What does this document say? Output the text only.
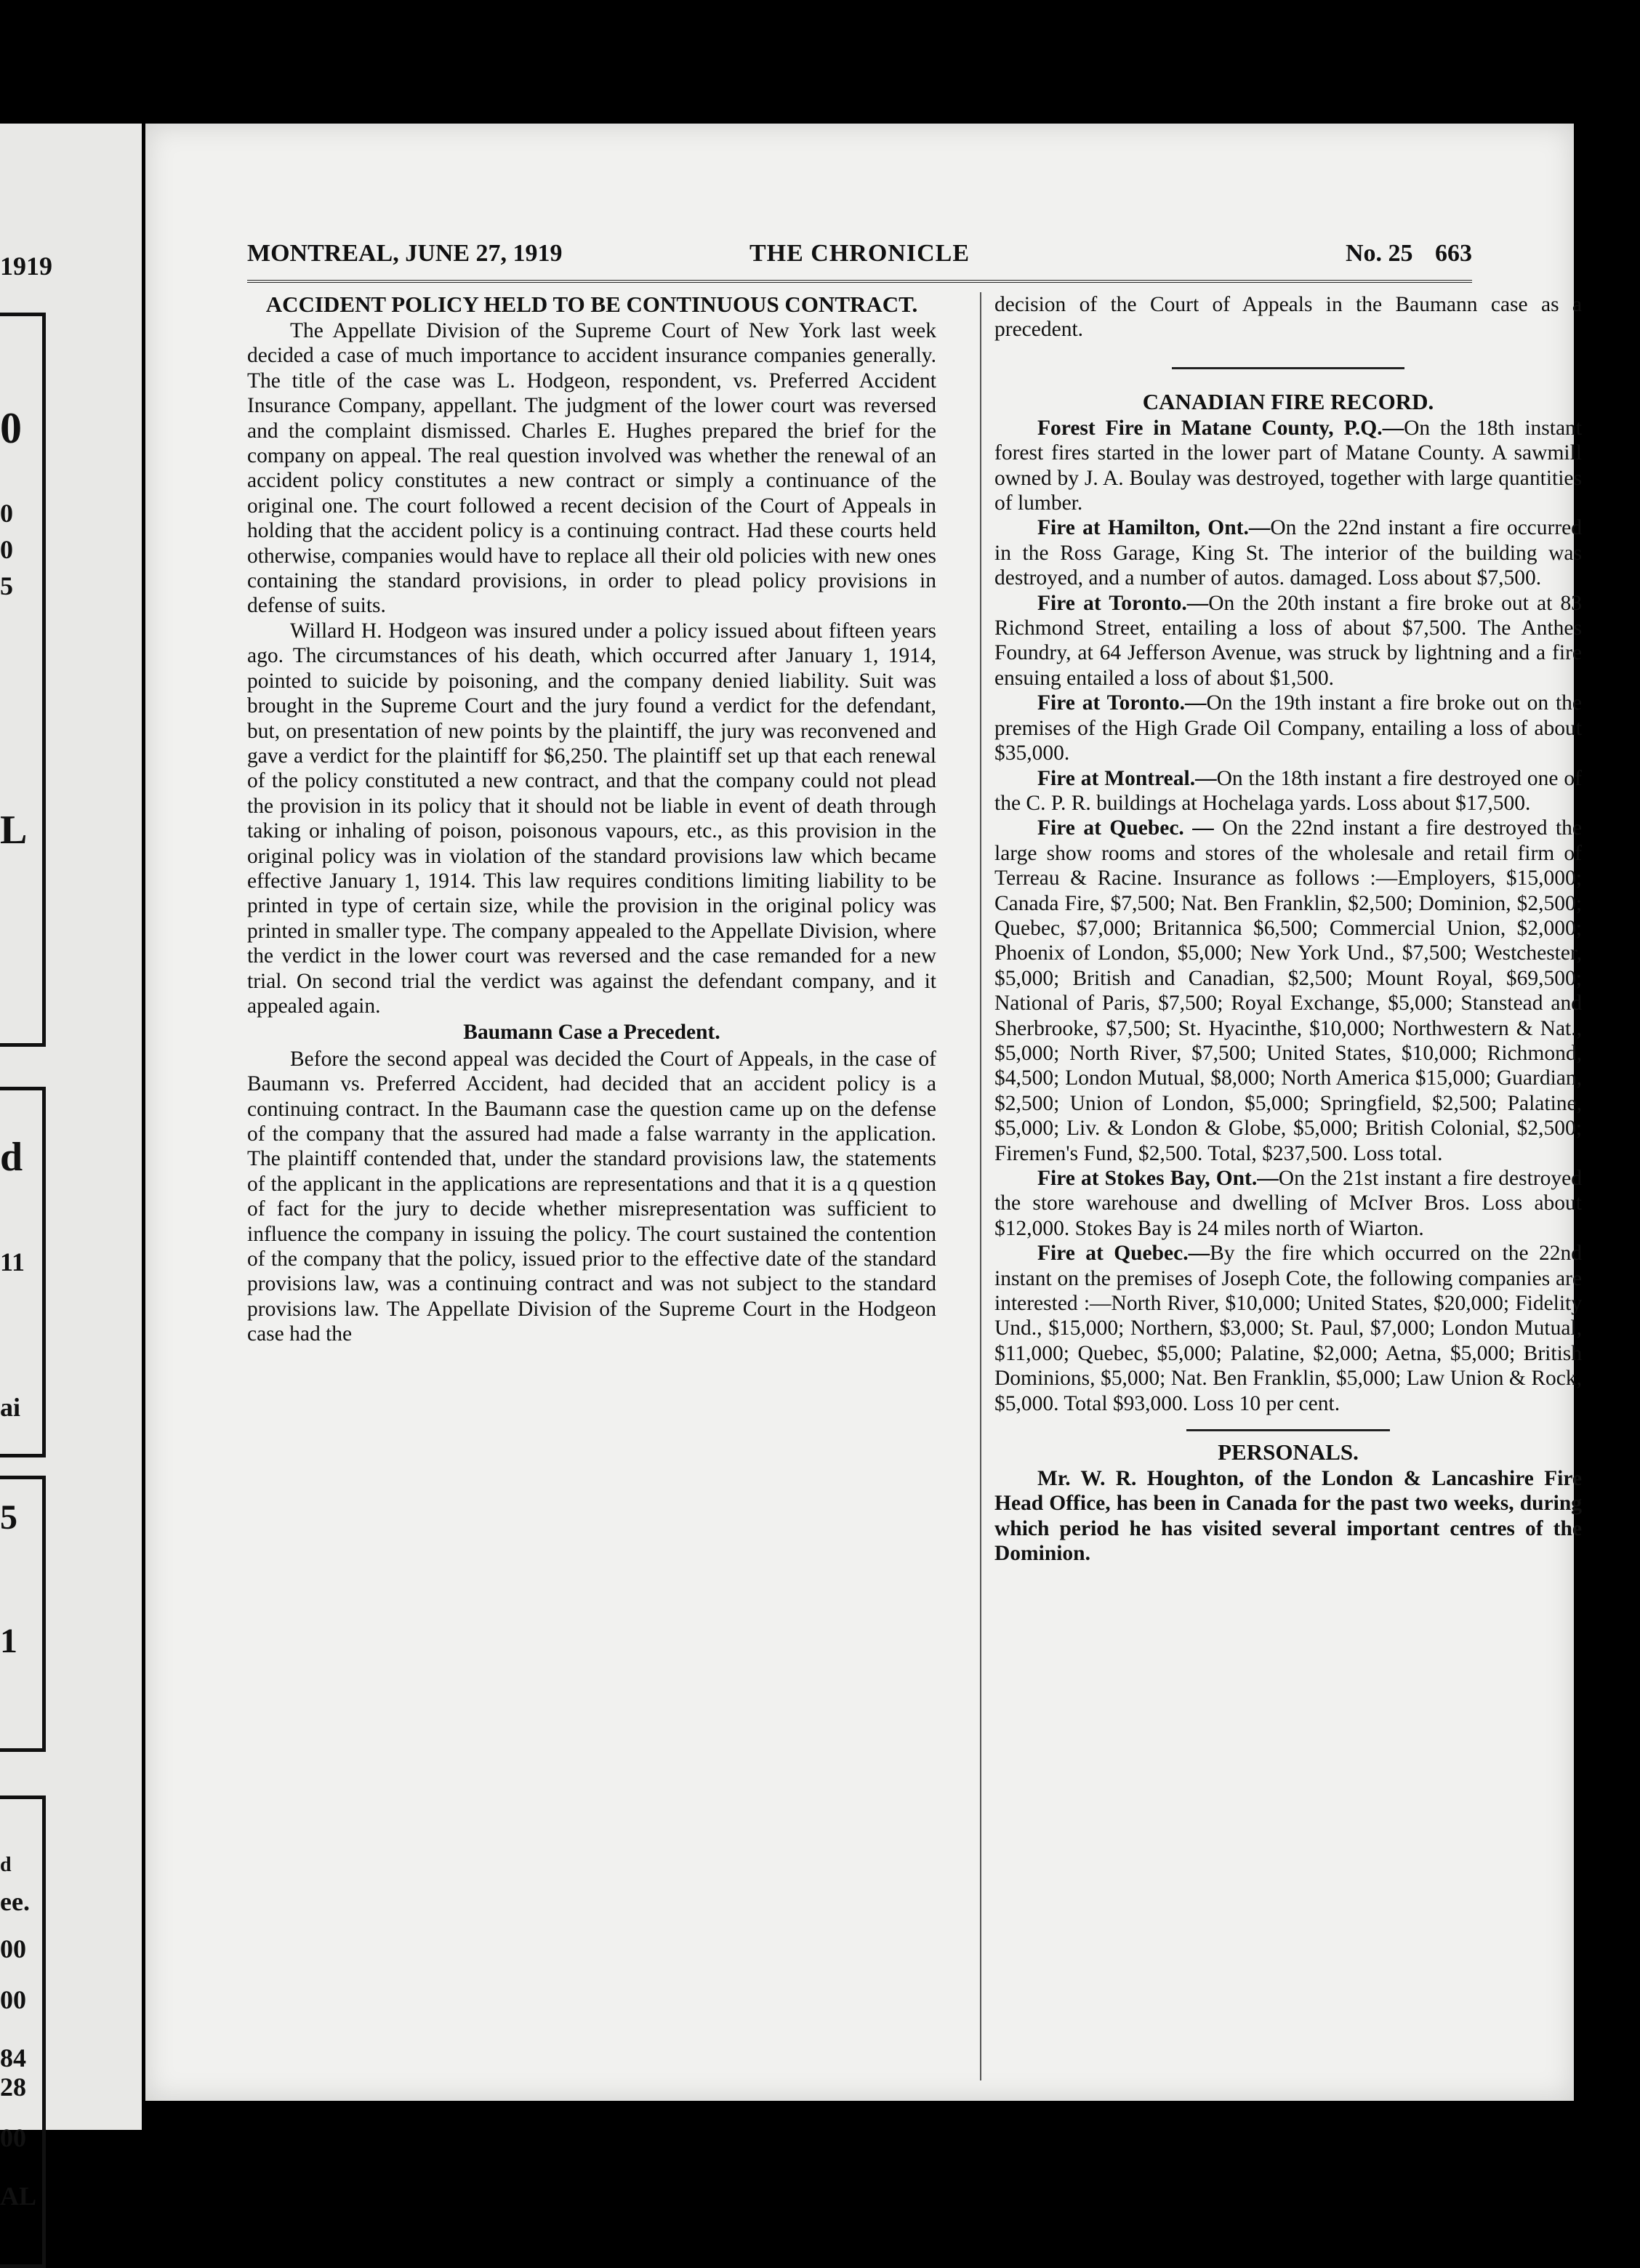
1919
0
0
0
5
L
d
11
ai
5
1
d
ee.
00
00
84
28
00
AL
MONTREAL, JUNE 27, 1919	THE CHRONICLE	No. 25 663
ACCIDENT POLICY HELD TO BE CONTINUOUS CONTRACT.

The Appellate Division of the Supreme Court of New York last week decided a case of much importance to accident insurance companies generally. The title of the case was L. Hodgeon, respondent, vs. Preferred Accident Insurance Company, appellant. The judgment of the lower court was reversed and the complaint dismissed. Charles E. Hughes prepared the brief for the company on appeal. The real question involved was whether the renewal of an accident policy constitutes a new contract or simply a continuance of the original one. The court followed a recent decision of the Court of Appeals in holding that the accident policy is a continuing contract. Had these courts held otherwise, companies would have to replace all their old policies with new ones containing the standard provisions, in order to plead policy provisions in defense of suits.

Willard H. Hodgeon was insured under a policy issued about fifteen years ago. The circumstances of his death, which occurred after January 1, 1914, pointed to suicide by poisoning, and the company denied liability. Suit was brought in the Supreme Court and the jury found a verdict for the defendant, but, on presentation of new points by the plaintiff, the jury was reconvened and gave a verdict for the plaintiff for $6,250. The plaintiff set up that each renewal of the policy constituted a new contract, and that the company could not plead the provision in its policy that it should not be liable in event of death through taking or inhaling of poison, poisonous vapours, etc., as this provision in the original policy was in violation of the standard provisions law which became effective January 1, 1914. This law requires conditions limiting liability to be printed in type of certain size, while the provision in the original policy was printed in smaller type. The company appealed to the Appellate Division, where the verdict in the lower court was reversed and the case remanded for a new trial. On second trial the verdict was against the defendant company, and it appealed again.

Baumann Case a Precedent.

Before the second appeal was decided the Court of Appeals, in the case of Baumann vs. Preferred Accident, had decided that an accident policy is a continuing contract. In the Baumann case the question came up on the defense of the company that the assured had made a false warranty in the application. The plaintiff contended that, under the standard provisions law, the statements of the applicant in the applications are representations and that it is a q question of fact for the jury to decide whether misrepresentation was sufficient to influence the company in issuing the policy. The court sustained the contention of the company that the policy, issued prior to the effective date of the standard provisions law, was a continuing contract and was not subject to the standard provisions law. The Appellate Division of the Supreme Court in the Hodgeon case had the

decision of the Court of Appeals in the Baumann case as a precedent.
CANADIAN FIRE RECORD.

Forest Fire in Matane County, P.Q.—On the 18th instant forest fires started in the lower part of Matane County. A sawmill owned by J. A. Boulay was destroyed, together with large quantities of lumber.

Fire at Hamilton, Ont.—On the 22nd instant a fire occurred in the Ross Garage, King St. The interior of the building was destroyed, and a number of autos. damaged. Loss about $7,500.

Fire at Toronto.—On the 20th instant a fire broke out at 83 Richmond Street, entailing a loss of about $7,500. The Anthes Foundry, at 64 Jefferson Avenue, was struck by lightning and a fire ensuing entailed a loss of about $1,500.

Fire at Toronto.—On the 19th instant a fire broke out on the premises of the High Grade Oil Company, entailing a loss of about $35,000.

Fire at Montreal.—On the 18th instant a fire destroyed one of the C. P. R. buildings at Hochelaga yards. Loss about $17,500.

Fire at Quebec. — On the 22nd instant a fire destroyed the large show rooms and stores of the wholesale and retail firm of Terreau & Racine. Insurance as follows :—Employers, $15,000; Canada Fire, $7,500; Nat. Ben Franklin, $2,500; Dominion, $2,500; Quebec, $7,000; Britannica $6,500; Commercial Union, $2,000; Phoenix of London, $5,000; New York Und., $7,500; Westchester, $5,000; British and Canadian, $2,500; Mount Royal, $69,500; National of Paris, $7,500; Royal Exchange, $5,000; Stanstead and Sherbrooke, $7,500; St. Hyacinthe, $10,000; Northwestern & Nat., $5,000; North River, $7,500; United States, $10,000; Richmond, $4,500; London Mutual, $8,000; North America $15,000; Guardian, $2,500; Union of London, $5,000; Springfield, $2,500; Palatine, $5,000; Liv. & London & Globe, $5,000; British Colonial, $2,500; Firemen's Fund, $2,500. Total, $237,500. Loss total.

Fire at Stokes Bay, Ont.—On the 21st instant a fire destroyed the store warehouse and dwelling of McIver Bros. Loss about $12,000. Stokes Bay is 24 miles north of Wiarton.

Fire at Quebec.—By the fire which occurred on the 22nd instant on the premises of Joseph Cote, the following companies are interested :—North River, $10,000; United States, $20,000; Fidelity Und., $15,000; Northern, $3,000; St. Paul, $7,000; London Mutual, $11,000; Quebec, $5,000; Palatine, $2,000; Aetna, $5,000; British Dominions, $5,000; Nat. Ben Franklin, $5,000; Law Union & Rock, $5,000. Total $93,000. Loss 10 per cent.

PERSONALS.

Mr. W. R. Houghton, of the London & Lancashire Fire Head Office, has been in Canada for the past two weeks, during which period he has visited several important centres of the Dominion.
